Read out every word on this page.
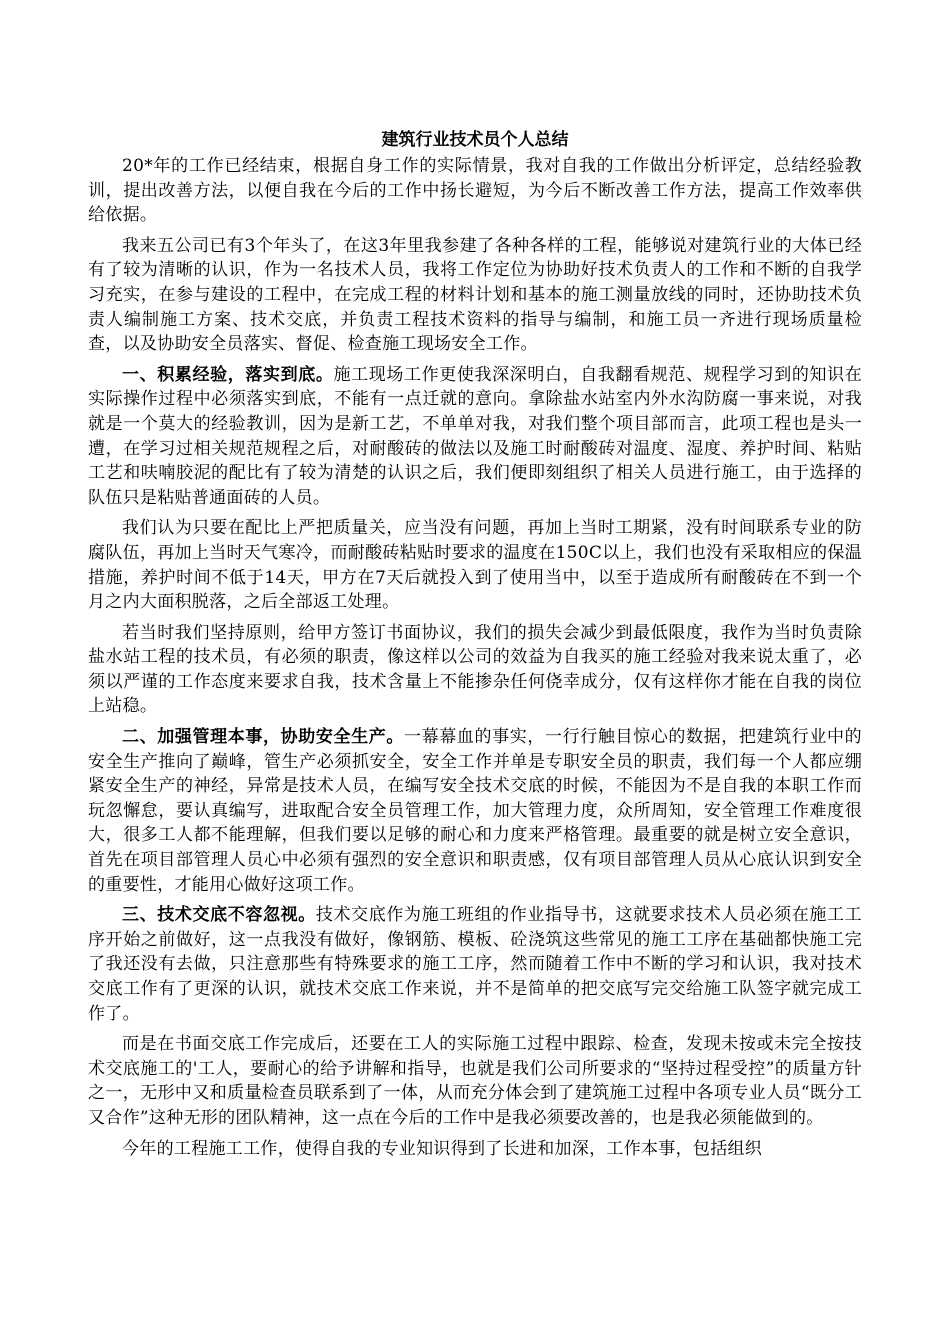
建筑行业技术员个人总结

20*年的工作已经结束，根据自身工作的实际情景，我对自我的工作做出分析评定，总结经验教训，提出改善方法，以便自我在今后的工作中扬长避短，为今后不断改善工作方法，提高工作效率供给依据。

我来五公司已有3个年头了，在这3年里我参建了各种各样的工程，能够说对建筑行业的大体已经有了较为清晰的认识，作为一名技术人员，我将工作定位为协助好技术负责人的工作和不断的自我学习充实，在参与建设的工程中，在完成工程的材料计划和基本的施工测量放线的同时，还协助技术负责人编制施工方案、技术交底，并负责工程技术资料的指导与编制，和施工员一齐进行现场质量检查，以及协助安全员落实、督促、检查施工现场安全工作。

一、积累经验，落实到底。施工现场工作更使我深深明白，自我翻看规范、规程学习到的知识在实际操作过程中必须落实到底，不能有一点迁就的意向。拿除盐水站室内外水沟防腐一事来说，对我就是一个莫大的经验教训，因为是新工艺，不单单对我，对我们整个项目部而言，此项工程也是头一遭，在学习过相关规范规程之后，对耐酸砖的做法以及施工时耐酸砖对温度、湿度、养护时间、粘贴工艺和呋喃胶泥的配比有了较为清楚的认识之后，我们便即刻组织了相关人员进行施工，由于选择的队伍只是粘贴普通面砖的人员。

我们认为只要在配比上严把质量关，应当没有问题，再加上当时工期紧，没有时间联系专业的防腐队伍，再加上当时天气寒冷，而耐酸砖粘贴时要求的温度在150C以上，我们也没有采取相应的保温措施，养护时间不低于14天，甲方在7天后就投入到了使用当中，以至于造成所有耐酸砖在不到一个月之内大面积脱落，之后全部返工处理。

若当时我们坚持原则，给甲方签订书面协议，我们的损失会减少到最低限度，我作为当时负责除盐水站工程的技术员，有必须的职责，像这样以公司的效益为自我买的施工经验对我来说太重了，必须以严谨的工作态度来要求自我，技术含量上不能掺杂任何侥幸成分，仅有这样你才能在自我的岗位上站稳。

二、加强管理本事，协助安全生产。一幕幕血的事实，一行行触目惊心的数据，把建筑行业中的安全生产推向了巅峰，管生产必须抓安全，安全工作并单是专职安全员的职责，我们每一个人都应绷紧安全生产的神经，异常是技术人员，在编写安全技术交底的时候，不能因为不是自我的本职工作而玩忽懈怠，要认真编写，进取配合安全员管理工作，加大管理力度，众所周知，安全管理工作难度很大，很多工人都不能理解，但我们要以足够的耐心和力度来严格管理。最重要的就是树立安全意识，首先在项目部管理人员心中必须有强烈的安全意识和职责感，仅有项目部管理人员从心底认识到安全的重要性，才能用心做好这项工作。

三、技术交底不容忽视。技术交底作为施工班组的作业指导书，这就要求技术人员必须在施工工序开始之前做好，这一点我没有做好，像钢筋、模板、砼浇筑这些常见的施工工序在基础都快施工完了我还没有去做，只注意那些有特殊要求的施工工序，然而随着工作中不断的学习和认识，我对技术交底工作有了更深的认识，就技术交底工作来说，并不是简单的把交底写完交给施工队签字就完成工作了。

而是在书面交底工作完成后，还要在工人的实际施工过程中跟踪、检查，发现未按或未完全按技术交底施工的'工人，要耐心的给予讲解和指导，也就是我们公司所要求的“坚持过程受控”的质量方针之一，无形中又和质量检查员联系到了一体，从而充分体会到了建筑施工过程中各项专业人员“既分工又合作”这种无形的团队精神，这一点在今后的工作中是我必须要改善的，也是我必须能做到的。

今年的工程施工工作，使得自我的专业知识得到了长进和加深，工作本事，包括组织
